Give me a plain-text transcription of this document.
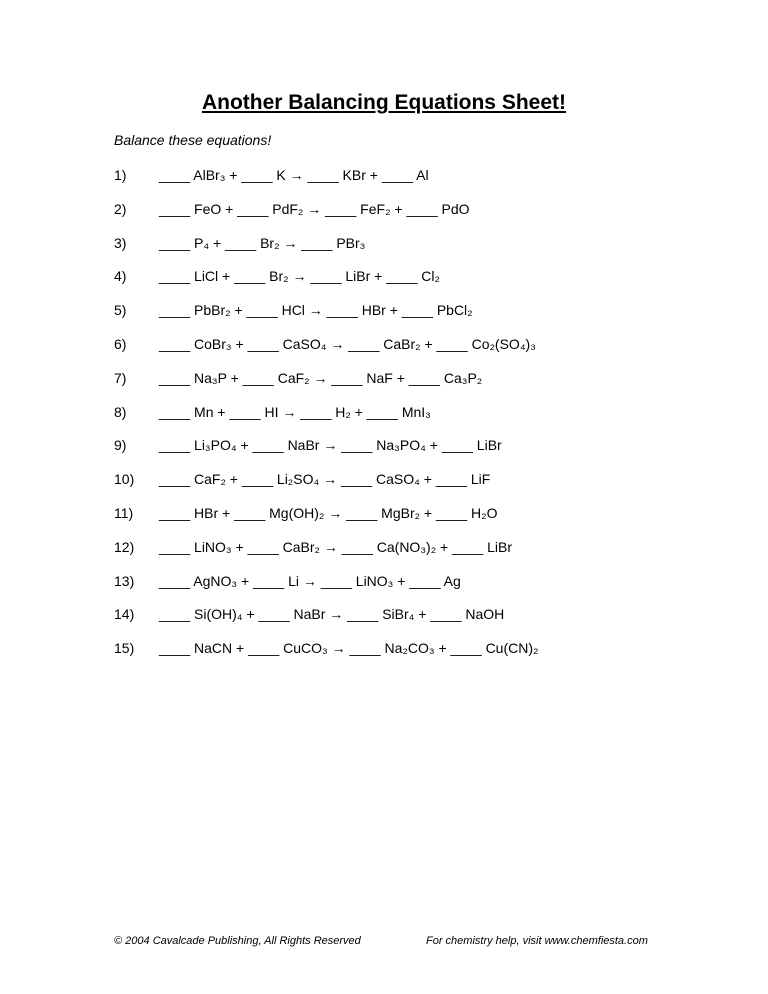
Another Balancing Equations Sheet!

Balance these equations!

1) ____ AlBr₃ + ____ K → ____ KBr + ____ Al
2) ____ FeO + ____ PdF₂ → ____ FeF₂ + ____ PdO
3) ____ P₄ + ____ Br₂ → ____ PBr₃
4) ____ LiCl + ____ Br₂ → ____ LiBr + ____ Cl₂
5) ____ PbBr₂ + ____ HCl → ____ HBr + ____ PbCl₂
6) ____ CoBr₃ + ____ CaSO₄ → ____ CaBr₂ + ____ Co₂(SO₄)₃
7) ____ Na₃P + ____ CaF₂ → ____ NaF + ____ Ca₃P₂
8) ____ Mn + ____ HI → ____ H₂ + ____ MnI₃
9) ____ Li₃PO₄ + ____ NaBr → ____ Na₃PO₄ + ____ LiBr
10) ____ CaF₂ + ____ Li₂SO₄ → ____ CaSO₄ + ____ LiF
11) ____ HBr + ____ Mg(OH)₂ → ____ MgBr₂ + ____ H₂O
12) ____ LiNO₃ + ____ CaBr₂ → ____ Ca(NO₃)₂ + ____ LiBr
13) ____ AgNO₃ + ____ Li → ____ LiNO₃ + ____ Ag
14) ____ Si(OH)₄ + ____ NaBr → ____ SiBr₄ + ____ NaOH
15) ____ NaCN + ____ CuCO₃ → ____ Na₂CO₃ + ____ Cu(CN)₂

© 2004 Cavalcade Publishing, All Rights Reserved	For chemistry help, visit www.chemfiesta.com
